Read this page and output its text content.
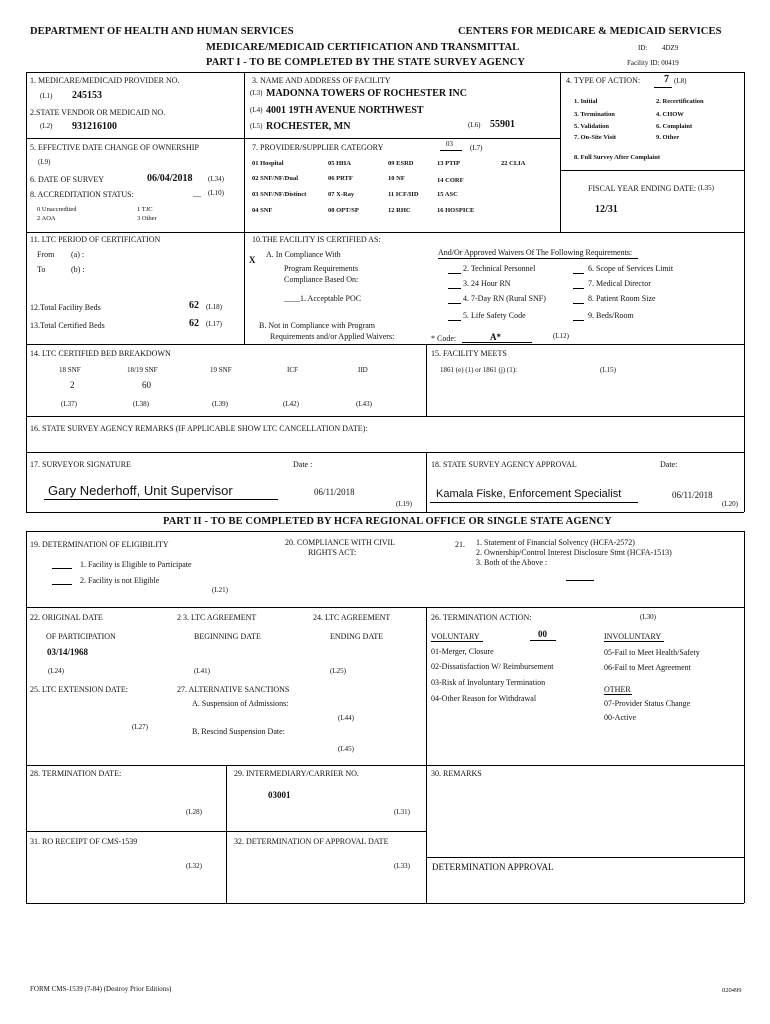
DEPARTMENT OF HEALTH AND HUMAN SERVICES	CENTERS FOR MEDICARE & MEDICAID SERVICES
MEDICARE/MEDICAID CERTIFICATION AND TRANSMITTAL	ID: 4DZ9
PART I - TO BE COMPLETED BY THE STATE SURVEY AGENCY	Facility ID: 00419
1. MEDICARE/MEDICAID PROVIDER NO.
(L1) 245153
2.STATE VENDOR OR MEDICAID NO.
(L2) 931216100
3. NAME AND ADDRESS OF FACILITY
(L3) MADONNA TOWERS OF ROCHESTER INC
(L4) 4001 19TH AVENUE NORTHWEST
(L5) ROCHESTER, MN	(L6) 55901
4. TYPE OF ACTION: 7 (L8)
1. Initial	2. Recertification
3. Termination	4. CHOW
5. Validation	6. Complaint
7. On-Site Visit	9. Other
8. Full Survey After Complaint
5. EFFECTIVE DATE CHANGE OF OWNERSHIP
(L9)
6. DATE OF SURVEY	06/04/2018 (L34)
8. ACCREDITATION STATUS:	__ (L10)
0 Unaccredited	1 TJC
2 AOA	3 Other
7. PROVIDER/SUPPLIER CATEGORY	03 (L7)
01 Hospital	05 HHA	09 ESRD	13 PTIP	22 CLIA
02 SNF/NF/Dual	06 PRTF	10 NF	14 CORF
03 SNF/NF/Distinct	07 X-Ray	11 ICF/IID	15 ASC
04 SNF	08 OPT/SP	12 RHC	16 HOSPICE
FISCAL YEAR ENDING DATE: (L35)
12/31
11. LTC PERIOD OF CERTIFICATION
From (a) :
To	(b) :
12.Total Facility Beds	62 (L18)
13.Total Certified Beds	62 (L17)
10.THE FACILITY IS CERTIFIED AS:
X
A. In Compliance With
Program Requirements
Compliance Based On:
____1. Acceptable POC
B. Not in Compliance with Program
Requirements and/or Applied Waivers:
And/Or Approved Waivers Of The Following Requirements:
2. Technical Personnel	6. Scope of Services Limit
3. 24 Hour RN	7. Medical Director
4. 7-Day RN (Rural SNF)	8. Patient Room Size
5. Life Safety Code	9. Beds/Room
* Code:	A*	(L12)
14. LTC CERTIFIED BED BREAKDOWN
18 SNF	18/19 SNF	19 SNF	ICF	IID
2	60
(L37)	(L38)	(L39)	(L42)	(L43)
15. FACILITY MEETS
1861 (e) (1) or 1861 (j) (1):	(L15)
16. STATE SURVEY AGENCY REMARKS (IF APPLICABLE SHOW LTC CANCELLATION DATE):
17. SURVEYOR SIGNATURE	Date :
Gary Nederhoff, Unit Supervisor	06/11/2018
(L19)
18. STATE SURVEY AGENCY APPROVAL	Date:
Kamala Fiske, Enforcement Specialist	06/11/2018
(L20)
PART II - TO BE COMPLETED BY HCFA REGIONAL OFFICE OR SINGLE STATE AGENCY
19. DETERMINATION OF ELIGIBILITY
1. Facility is Eligible to Participate
2. Facility is not Eligible
(L21)
20. COMPLIANCE WITH CIVIL
RIGHTS ACT:
21. 1. Statement of Financial Solvency (HCFA-2572)
2. Ownership/Control Interest Disclosure Stmt (HCFA-1513)
3. Both of the Above :
22. ORIGINAL DATE
OF PARTICIPATION
03/14/1968
(L24)
2 3. LTC AGREEMENT
BEGINNING DATE
(L41)
24. LTC AGREEMENT
ENDING DATE
(L25)
25. LTC EXTENSION DATE:
(L27)
27. ALTERNATIVE SANCTIONS
A. Suspension of Admissions:
(L44)
B. Rescind Suspension Date:
(L45)
26. TERMINATION ACTION:	(L30)
VOLUNTARY	00	INVOLUNTARY
01-Merger, Closure
02-Dissatisfaction W/ Reimbursement
03-Risk of Involuntary Termination
04-Other Reason for Withdrawal
05-Fail to Meet Health/Safety
06-Fail to Meet Agreement
OTHER
07-Provider Status Change
00-Active
28. TERMINATION DATE:
(L28)
29. INTERMEDIARY/CARRIER NO.
03001
(L31)
30. REMARKS
31. RO RECEIPT OF CMS-1539
(L32)
32. DETERMINATION OF APPROVAL DATE
(L33) DETERMINATION APPROVAL
FORM CMS-1539 (7-84) (Destroy Prior Editions)	020499
